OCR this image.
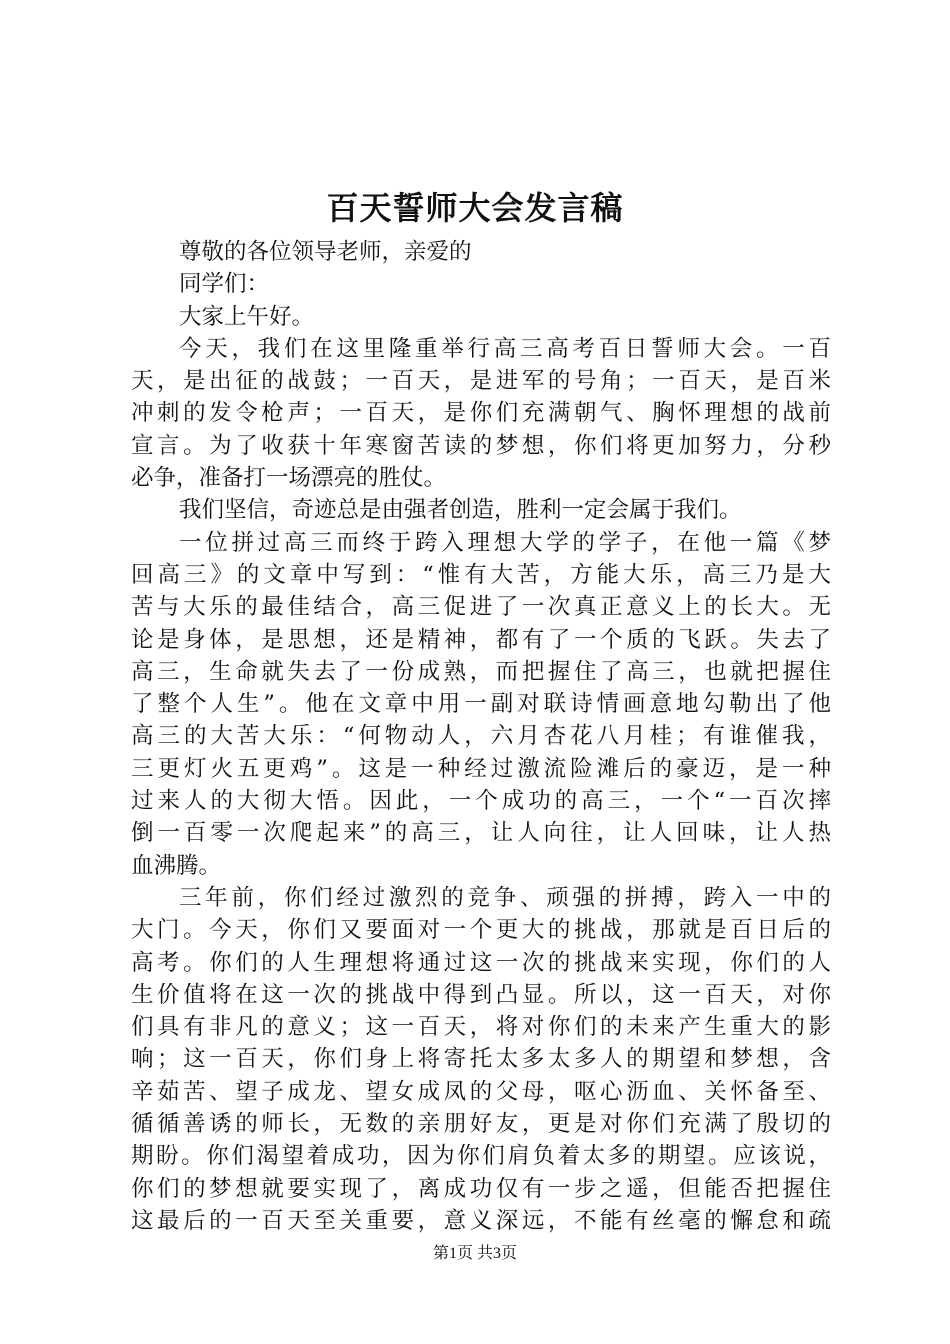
百天誓师大会发言稿
尊敬的各位领导老师，亲爱的
同学们：
大家上午好。
今天，我们在这里隆重举行高三高考百日誓师大会。一百
天，是出征的战鼓；一百天，是进军的号角；一百天，是百米
冲刺的发令枪声；一百天，是你们充满朝气、胸怀理想的战前
宣言。为了收获十年寒窗苦读的梦想，你们将更加努力，分秒
必争，准备打一场漂亮的胜仗。
我们坚信，奇迹总是由强者创造，胜利一定会属于我们。
一位拼过高三而终于跨入理想大学的学子，在他一篇《梦
回高三》的文章中写到：“惟有大苦，方能大乐，高三乃是大
苦与大乐的最佳结合，高三促进了一次真正意义上的长大。无
论是身体，是思想，还是精神，都有了一个质的飞跃。失去了
高三，生命就失去了一份成熟，而把握住了高三，也就把握住
了整个人生”。他在文章中用一副对联诗情画意地勾勒出了他
高三的大苦大乐：“何物动人，六月杏花八月桂；有谁催我，
三更灯火五更鸡”。这是一种经过激流险滩后的豪迈，是一种
过来人的大彻大悟。因此，一个成功的高三，一个“一百次摔
倒一百零一次爬起来”的高三，让人向往，让人回味，让人热
血沸腾。
三年前，你们经过激烈的竞争、顽强的拼搏，跨入一中的
大门。今天，你们又要面对一个更大的挑战，那就是百日后的
高考。你们的人生理想将通过这一次的挑战来实现，你们的人
生价值将在这一次的挑战中得到凸显。所以，这一百天，对你
们具有非凡的意义；这一百天，将对你们的未来产生重大的影
响；这一百天，你们身上将寄托太多太多人的期望和梦想，含
辛茹苦、望子成龙、望女成凤的父母，呕心沥血、关怀备至、
循循善诱的师长，无数的亲朋好友，更是对你们充满了殷切的
期盼。你们渴望着成功，因为你们肩负着太多的期望。应该说，
你们的梦想就要实现了，离成功仅有一步之遥，但能否把握住
这最后的一百天至关重要，意义深远，不能有丝毫的懈怠和疏
第1页 共3页
